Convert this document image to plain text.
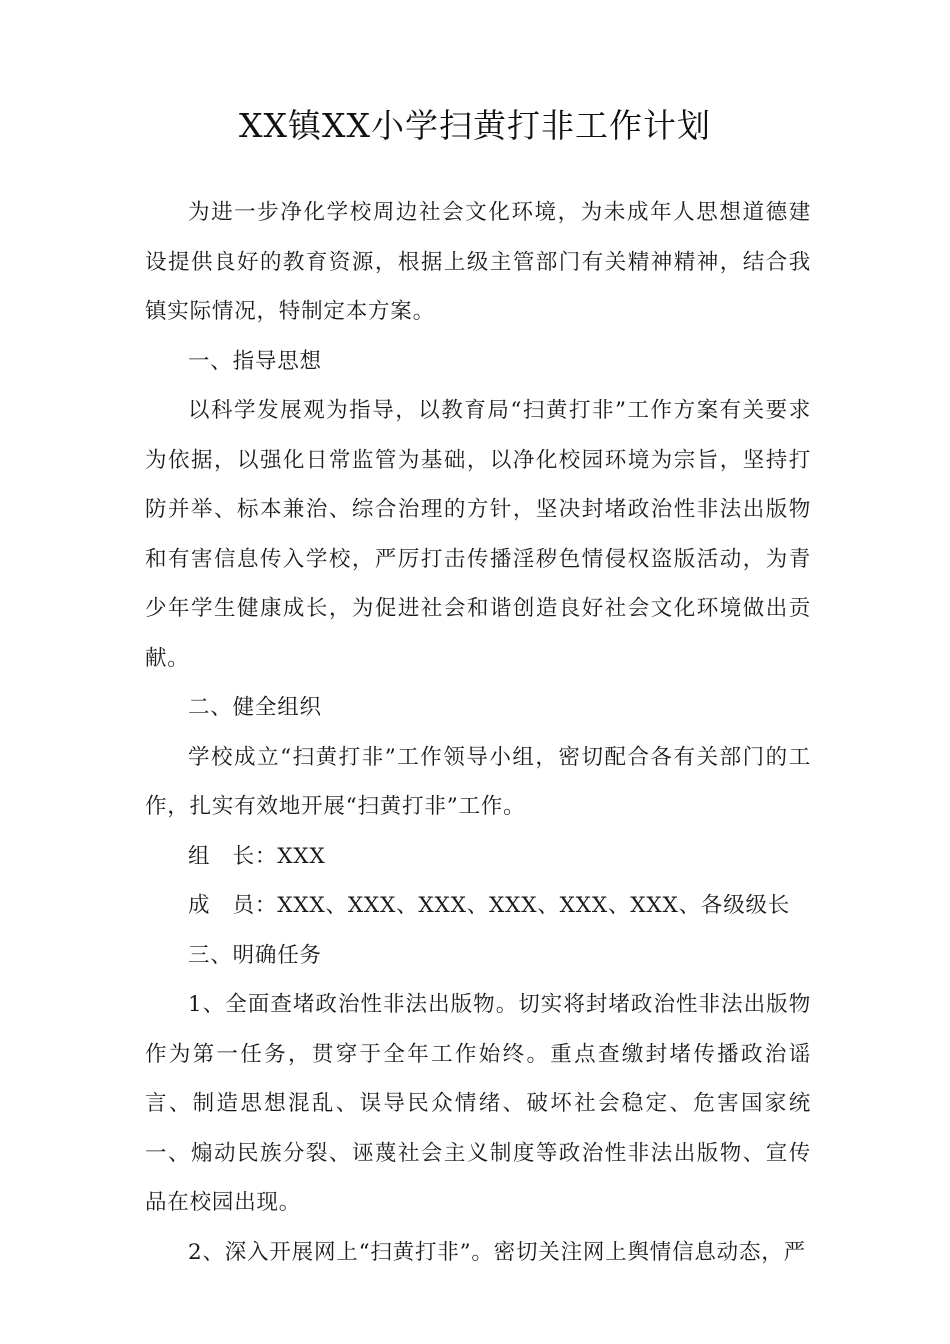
XX镇XX小学扫黄打非工作计划

为进一步净化学校周边社会文化环境，为未成年人思想道德建设提供良好的教育资源，根据上级主管部门有关精神精神，结合我镇实际情况，特制定本方案。

一、指导思想

以科学发展观为指导，以教育局“扫黄打非”工作方案有关要求为依据，以强化日常监管为基础，以净化校园环境为宗旨，坚持打防并举、标本兼治、综合治理的方针，坚决封堵政治性非法出版物和有害信息传入学校，严厉打击传播淫秽色情侵权盗版活动，为青少年学生健康成长，为促进社会和谐创造良好社会文化环境做出贡献。

二、健全组织

学校成立“扫黄打非”工作领导小组，密切配合各有关部门的工作，扎实有效地开展“扫黄打非”工作。

组　长：XXX

成　员：XXX、XXX、XXX、XXX、XXX、XXX、各级级长

三、明确任务

1、全面查堵政治性非法出版物。切实将封堵政治性非法出版物作为第一任务，贯穿于全年工作始终。重点查缴封堵传播政治谣言、制造思想混乱、误导民众情绪、破坏社会稳定、危害国家统一、煽动民族分裂、诬蔑社会主义制度等政治性非法出版物、宣传品在校园出现。

2、深入开展网上“扫黄打非”。密切关注网上舆情信息动态，严
